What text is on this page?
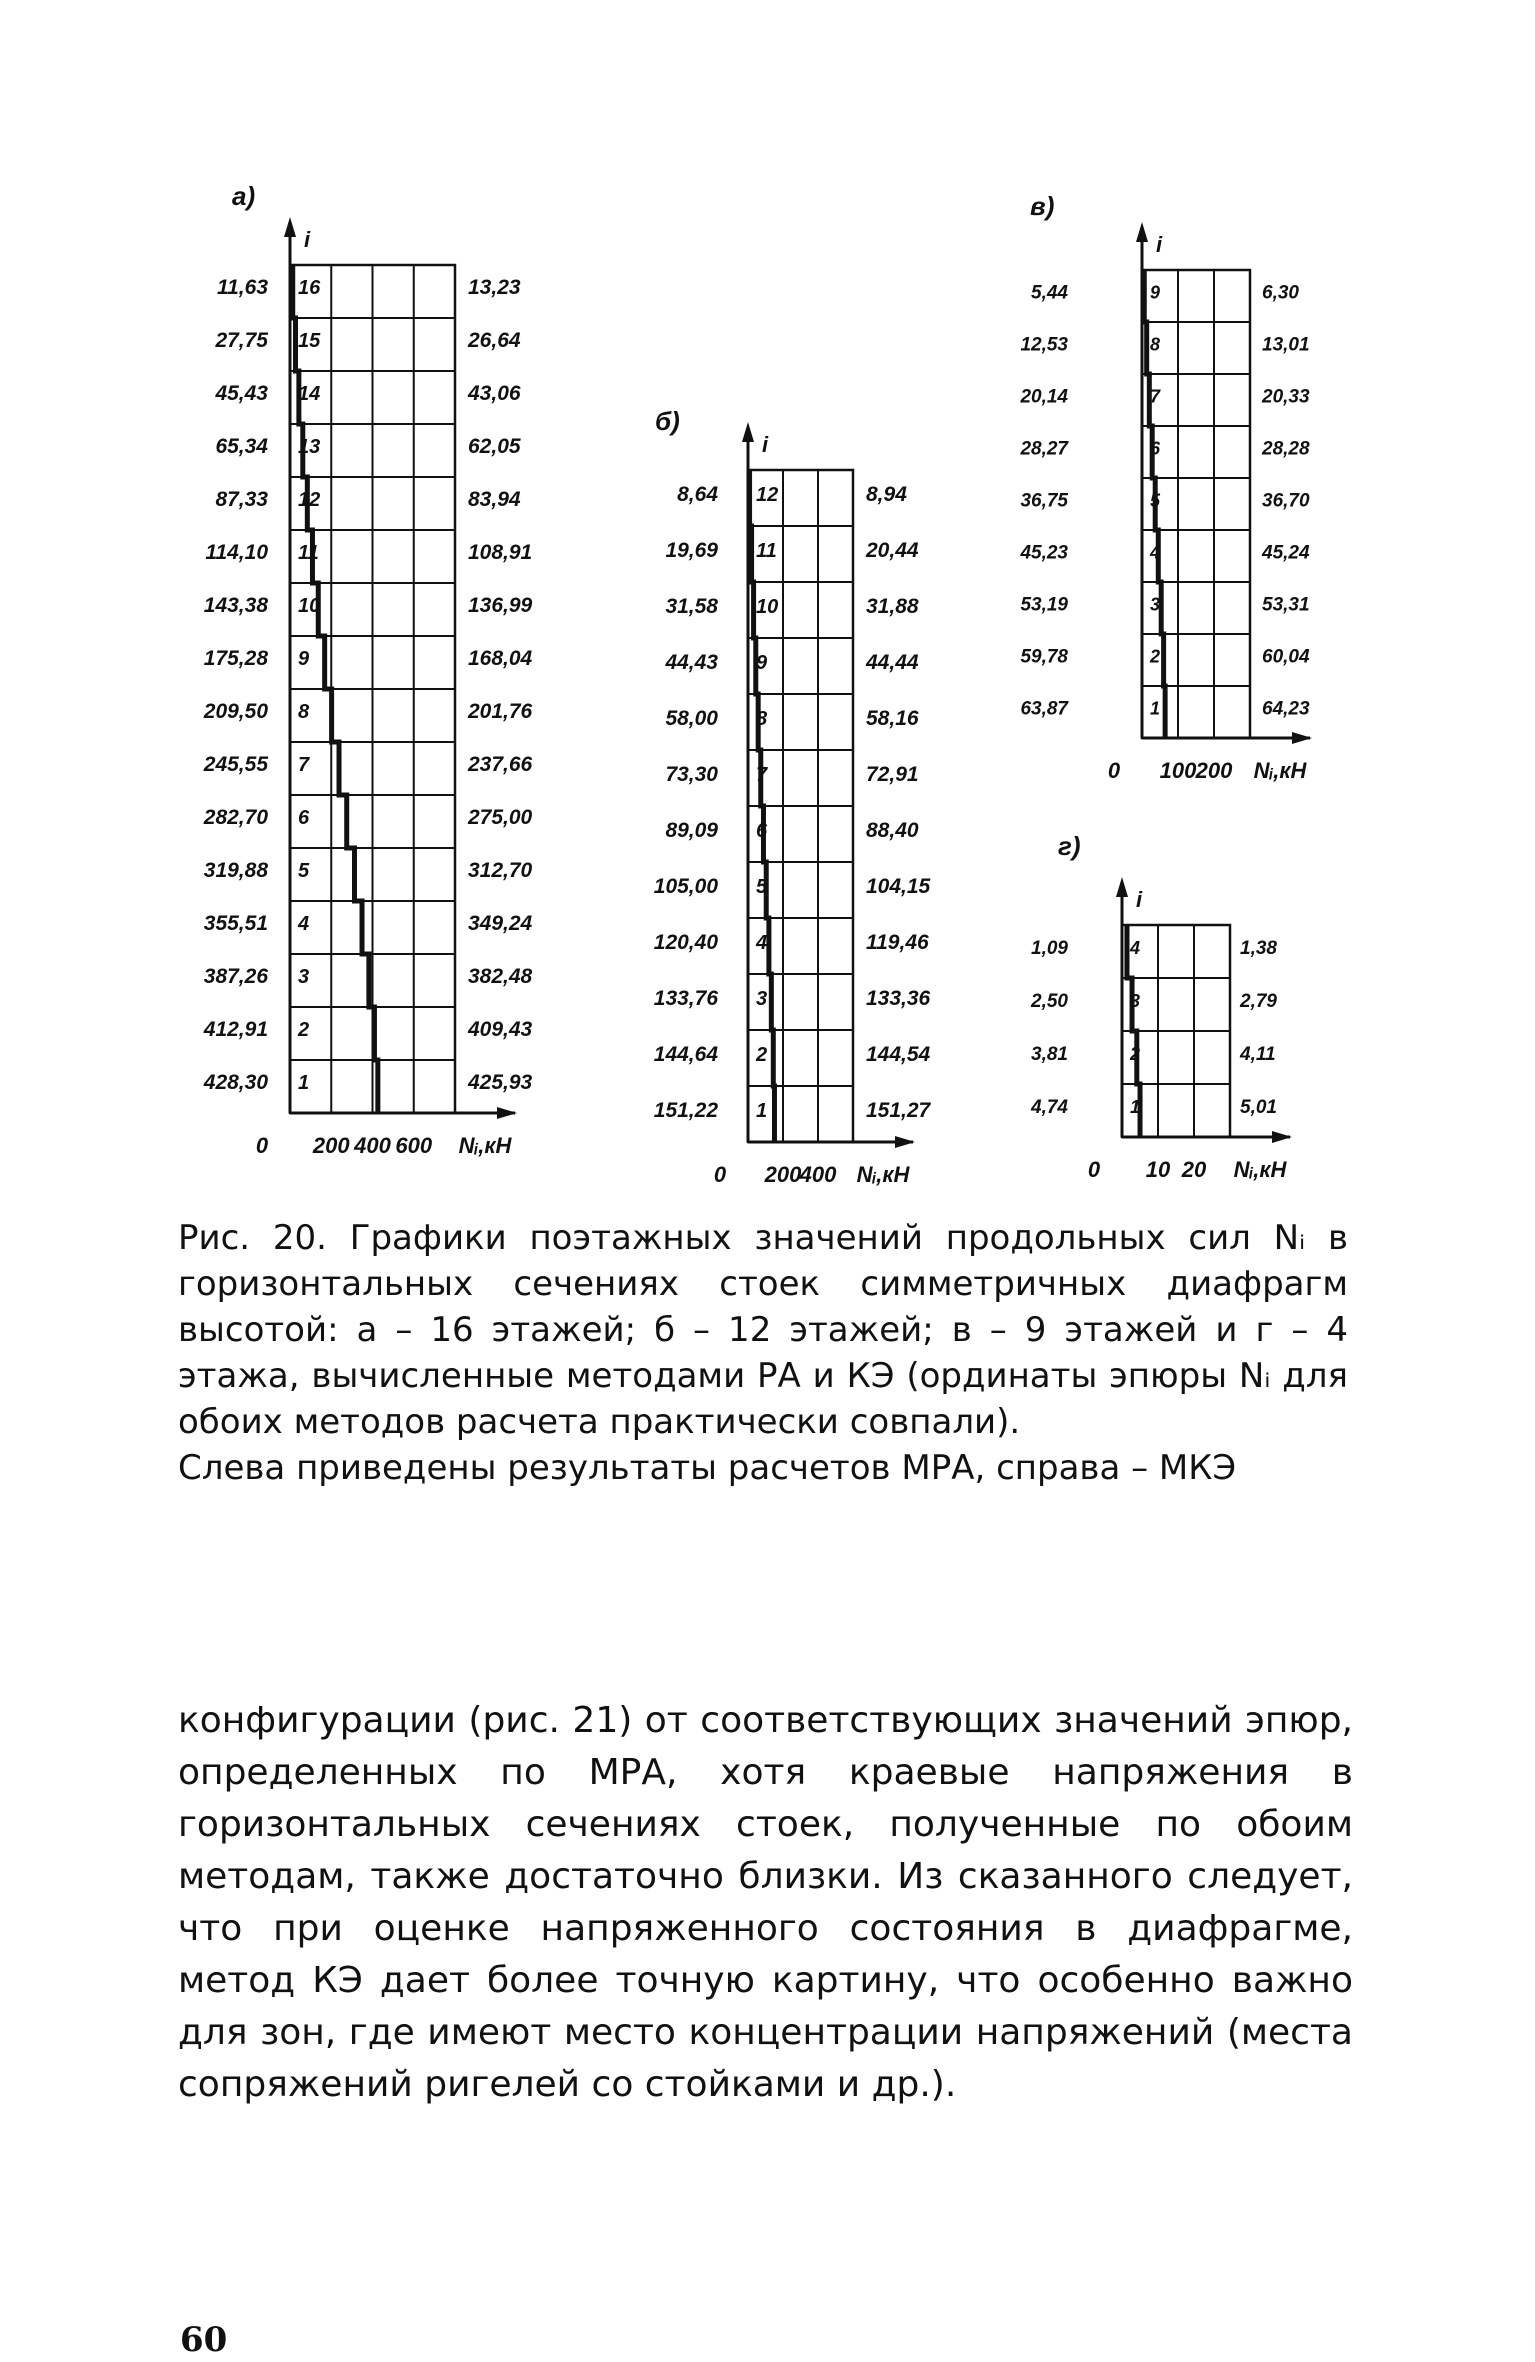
а)
i
16
11,63	13,23
15
27,75	26,64
14
45,43	43,06
13
65,34	62,05
12
87,33	83,94
11
114,10	108,91
10
143,38	136,99
9
175,28	168,04
8
209,50	201,76
7
245,55	237,66
6
282,70	275,00
5
319,88	312,70
4
355,51	349,24
3
387,26	382,48
2
412,91	409,43
1
428,30	425,93
0 200 400 600 Nᵢ,кН
б)
i
12
8,64	8,94
11
19,69	20,44
10
31,58	31,88
9
44,43	44,44
8
58,00	58,16
7
73,30	72,91
6
89,09	88,40
5
105,00	104,15
4
120,40	119,46
3
133,76	133,36
2
144,64	144,54
1
151,22	151,27
0 200
400 Nᵢ,кН
в)
i
9
5,44	6,30
8
12,53	13,01
7
20,14	20,33
6
28,27	28,28
5
36,75	36,70
4
45,23	45,24
3
53,19	53,31
2
59,78	60,04
1
63,87	64,23
0 100 200 Nᵢ,кН
г)
i
4
1,09	1,38
3
2,50	2,79
2
3,81	4,11
1
4,74	5,01
0 10 20 Nᵢ,кН

Рис. 20. Графики поэтажных значений продольных сил Nᵢ в горизонтальных сечениях стоек симметричных диафрагм высотой: а – 16 этажей; б – 12 этажей; в – 9 этажей и г – 4 этажа, вычисленные методами РА и КЭ (ординаты эпюры Nᵢ для обоих методов расчета практически совпали).

Слева приведены результаты расчетов МРА, справа – МКЭ

конфигурации (рис. 21) от соответствующих значений эпюр, определенных по МРА, хотя краевые напряжения в горизонтальных сечениях стоек, полученные по обоим методам, также достаточно близки. Из сказанного следует, что при оценке напряженного состояния в диафрагме, метод КЭ дает более точную картину, что особенно важно для зон, где имеют место концентрации напряжений (места сопряжений ригелей со стойками и др.).

60
